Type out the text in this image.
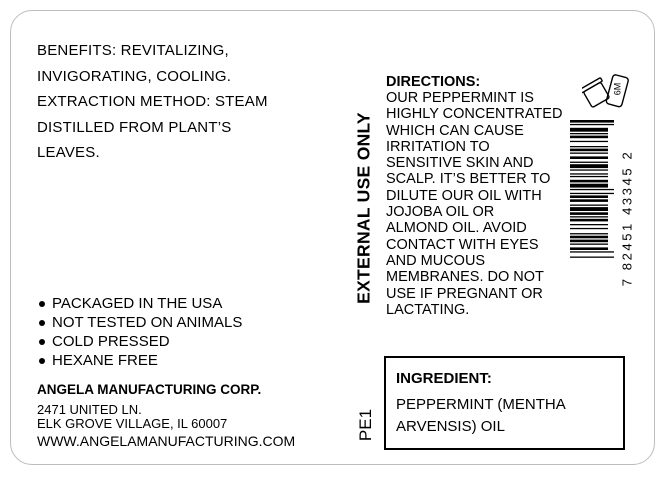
BENEFITS: REVITALIZING,
INVIGORATING, COOLING.
EXTRACTION METHOD: STEAM
DISTILLED FROM PLANT’S
LEAVES.
PACKAGED IN THE USA
NOT TESTED ON ANIMALS
COLD PRESSED
HEXANE FREE
ANGELA MANUFACTURING CORP.
2471 UNITED LN.
ELK GROVE VILLAGE, IL 60007
WWW.ANGELAMANUFACTURING.COM
EXTERNAL USE ONLY
PE1
DIRECTIONS:
OUR PEPPERMINT IS
HIGHLY CONCENTRATED
WHICH CAN CAUSE
IRRITATION TO
SENSITIVE SKIN AND
SCALP. IT’S BETTER TO
DILUTE OUR OIL WITH
JOJOBA OIL OR
ALMOND OIL. AVOID
CONTACT WITH EYES
AND MUCOUS
MEMBRANES. DO NOT
USE IF PREGNANT OR
LACTATING.
INGREDIENT:
PEPPERMINT (MENTHA
ARVENSIS) OIL
6M
7 82451 43345 2
